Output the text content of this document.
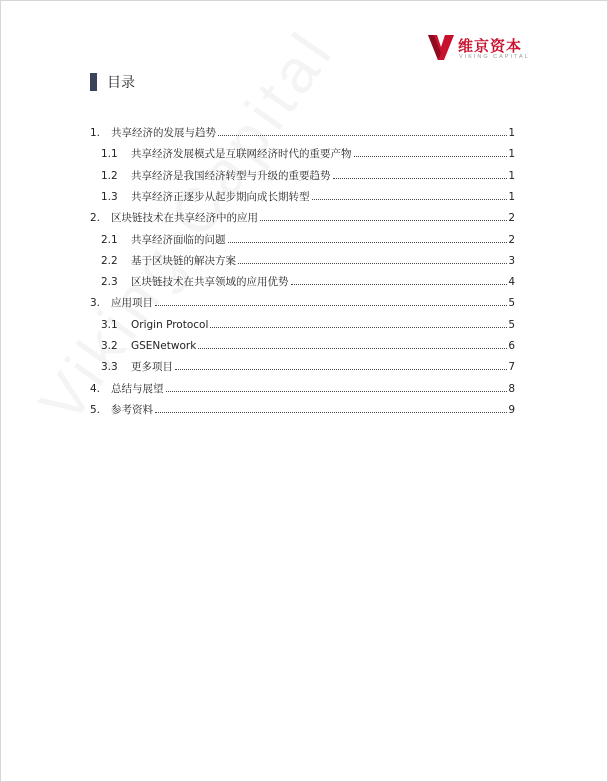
维京资本
VIKING CAPITAL
目录
1.	共享经济的发展与趋势	1
1.1	共享经济发展模式是互联网经济时代的重要产物	1
1.2	共享经济是我国经济转型与升级的重要趋势	1
1.3	共享经济正逐步从起步期向成长期转型	1
2.	区块链技术在共享经济中的应用	2
2.1	共享经济面临的问题	2
2.2	基于区块链的解决方案	3
2.3	区块链技术在共享领域的应用优势	4
3.	应用项目	5
3.1	Origin Protocol	5
3.2	GSENetwork	6
3.3	更多项目	7
4.	总结与展望	8
5.	参考资料	9
